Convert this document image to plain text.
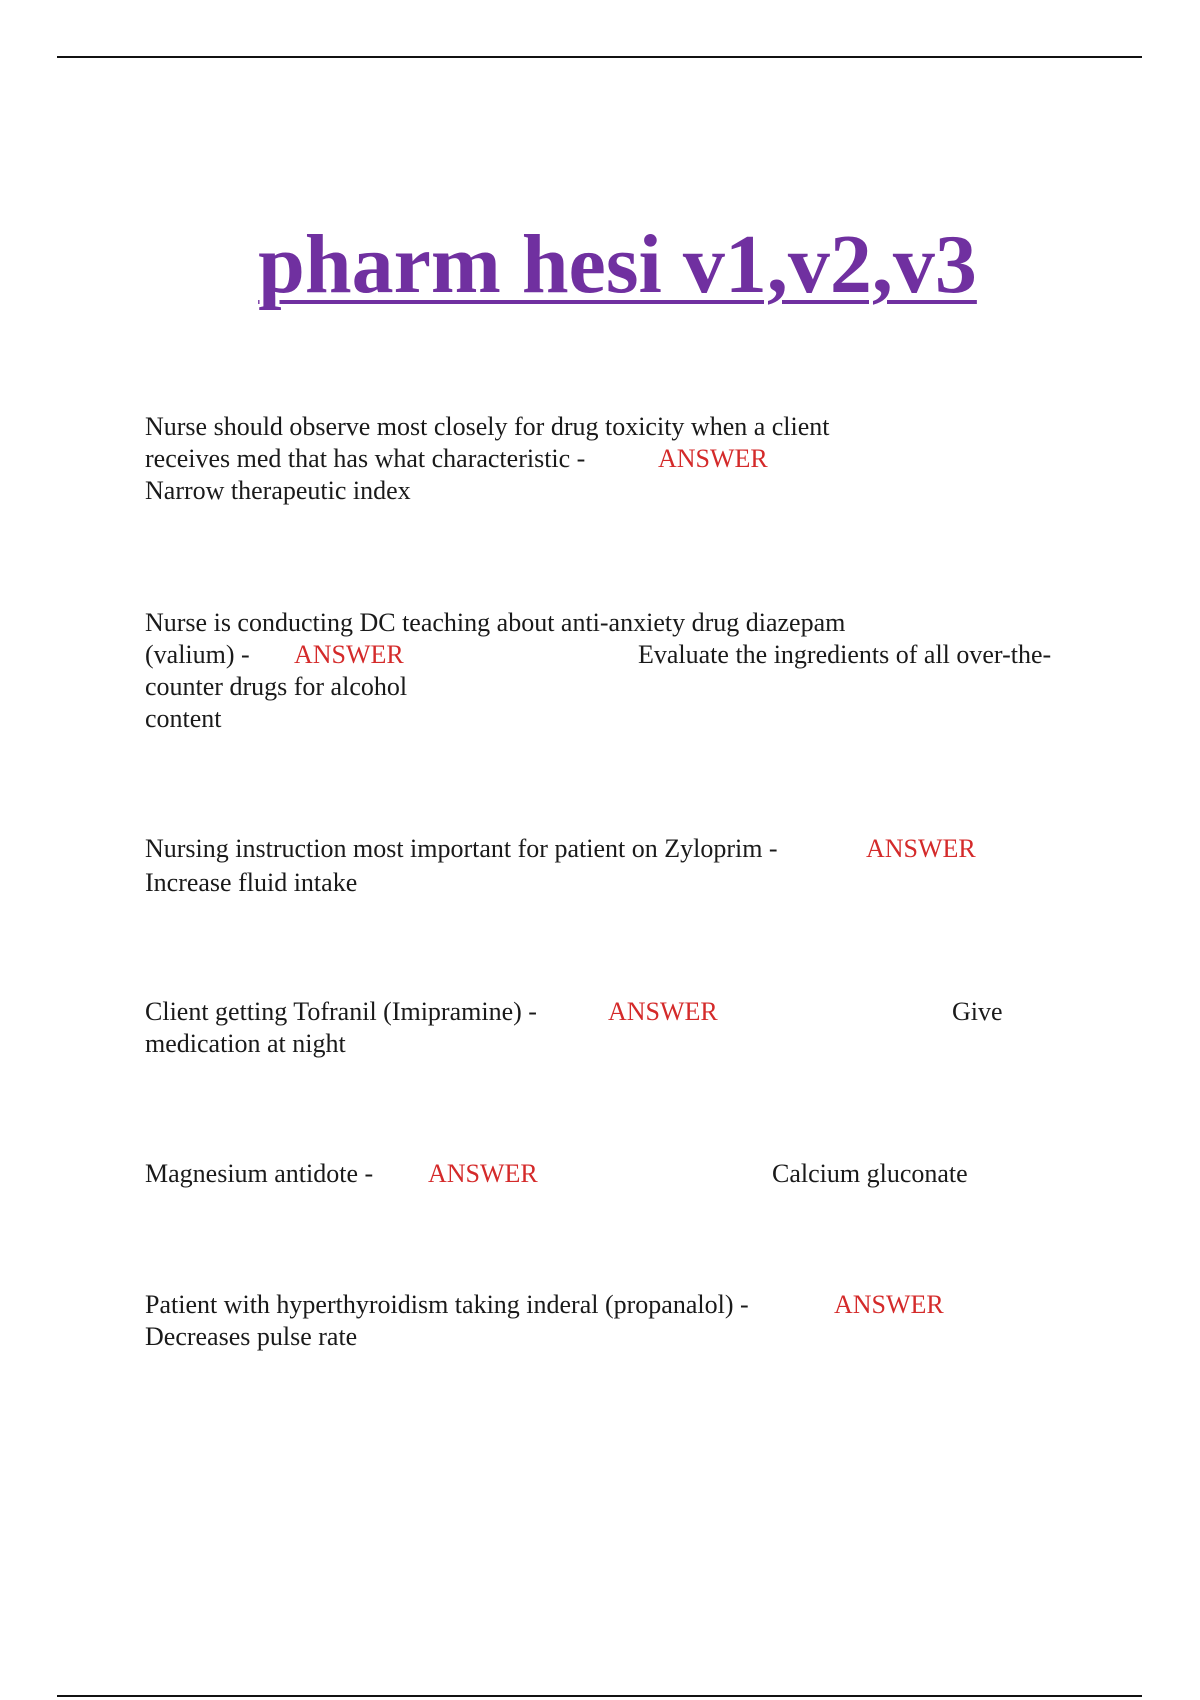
pharm hesi v1,v2,v3

Nurse should observe most closely for drug toxicity when a client

receives med that has what characteristic -	ANSWER

Narrow therapeutic index

Nurse is conducting DC teaching about anti-anxiety drug diazepam

(valium) - ANSWER	Evaluate the ingredients of all over-the-

counter drugs for alcohol

content

Nursing instruction most important for patient on Zyloprim -	ANSWER

Increase fluid intake

Client getting Tofranil (Imipramine) -	ANSWER	Give

medication at night

Magnesium antidote - ANSWER	Calcium gluconate

Patient with hyperthyroidism taking inderal (propanalol) -	ANSWER

Decreases pulse rate
